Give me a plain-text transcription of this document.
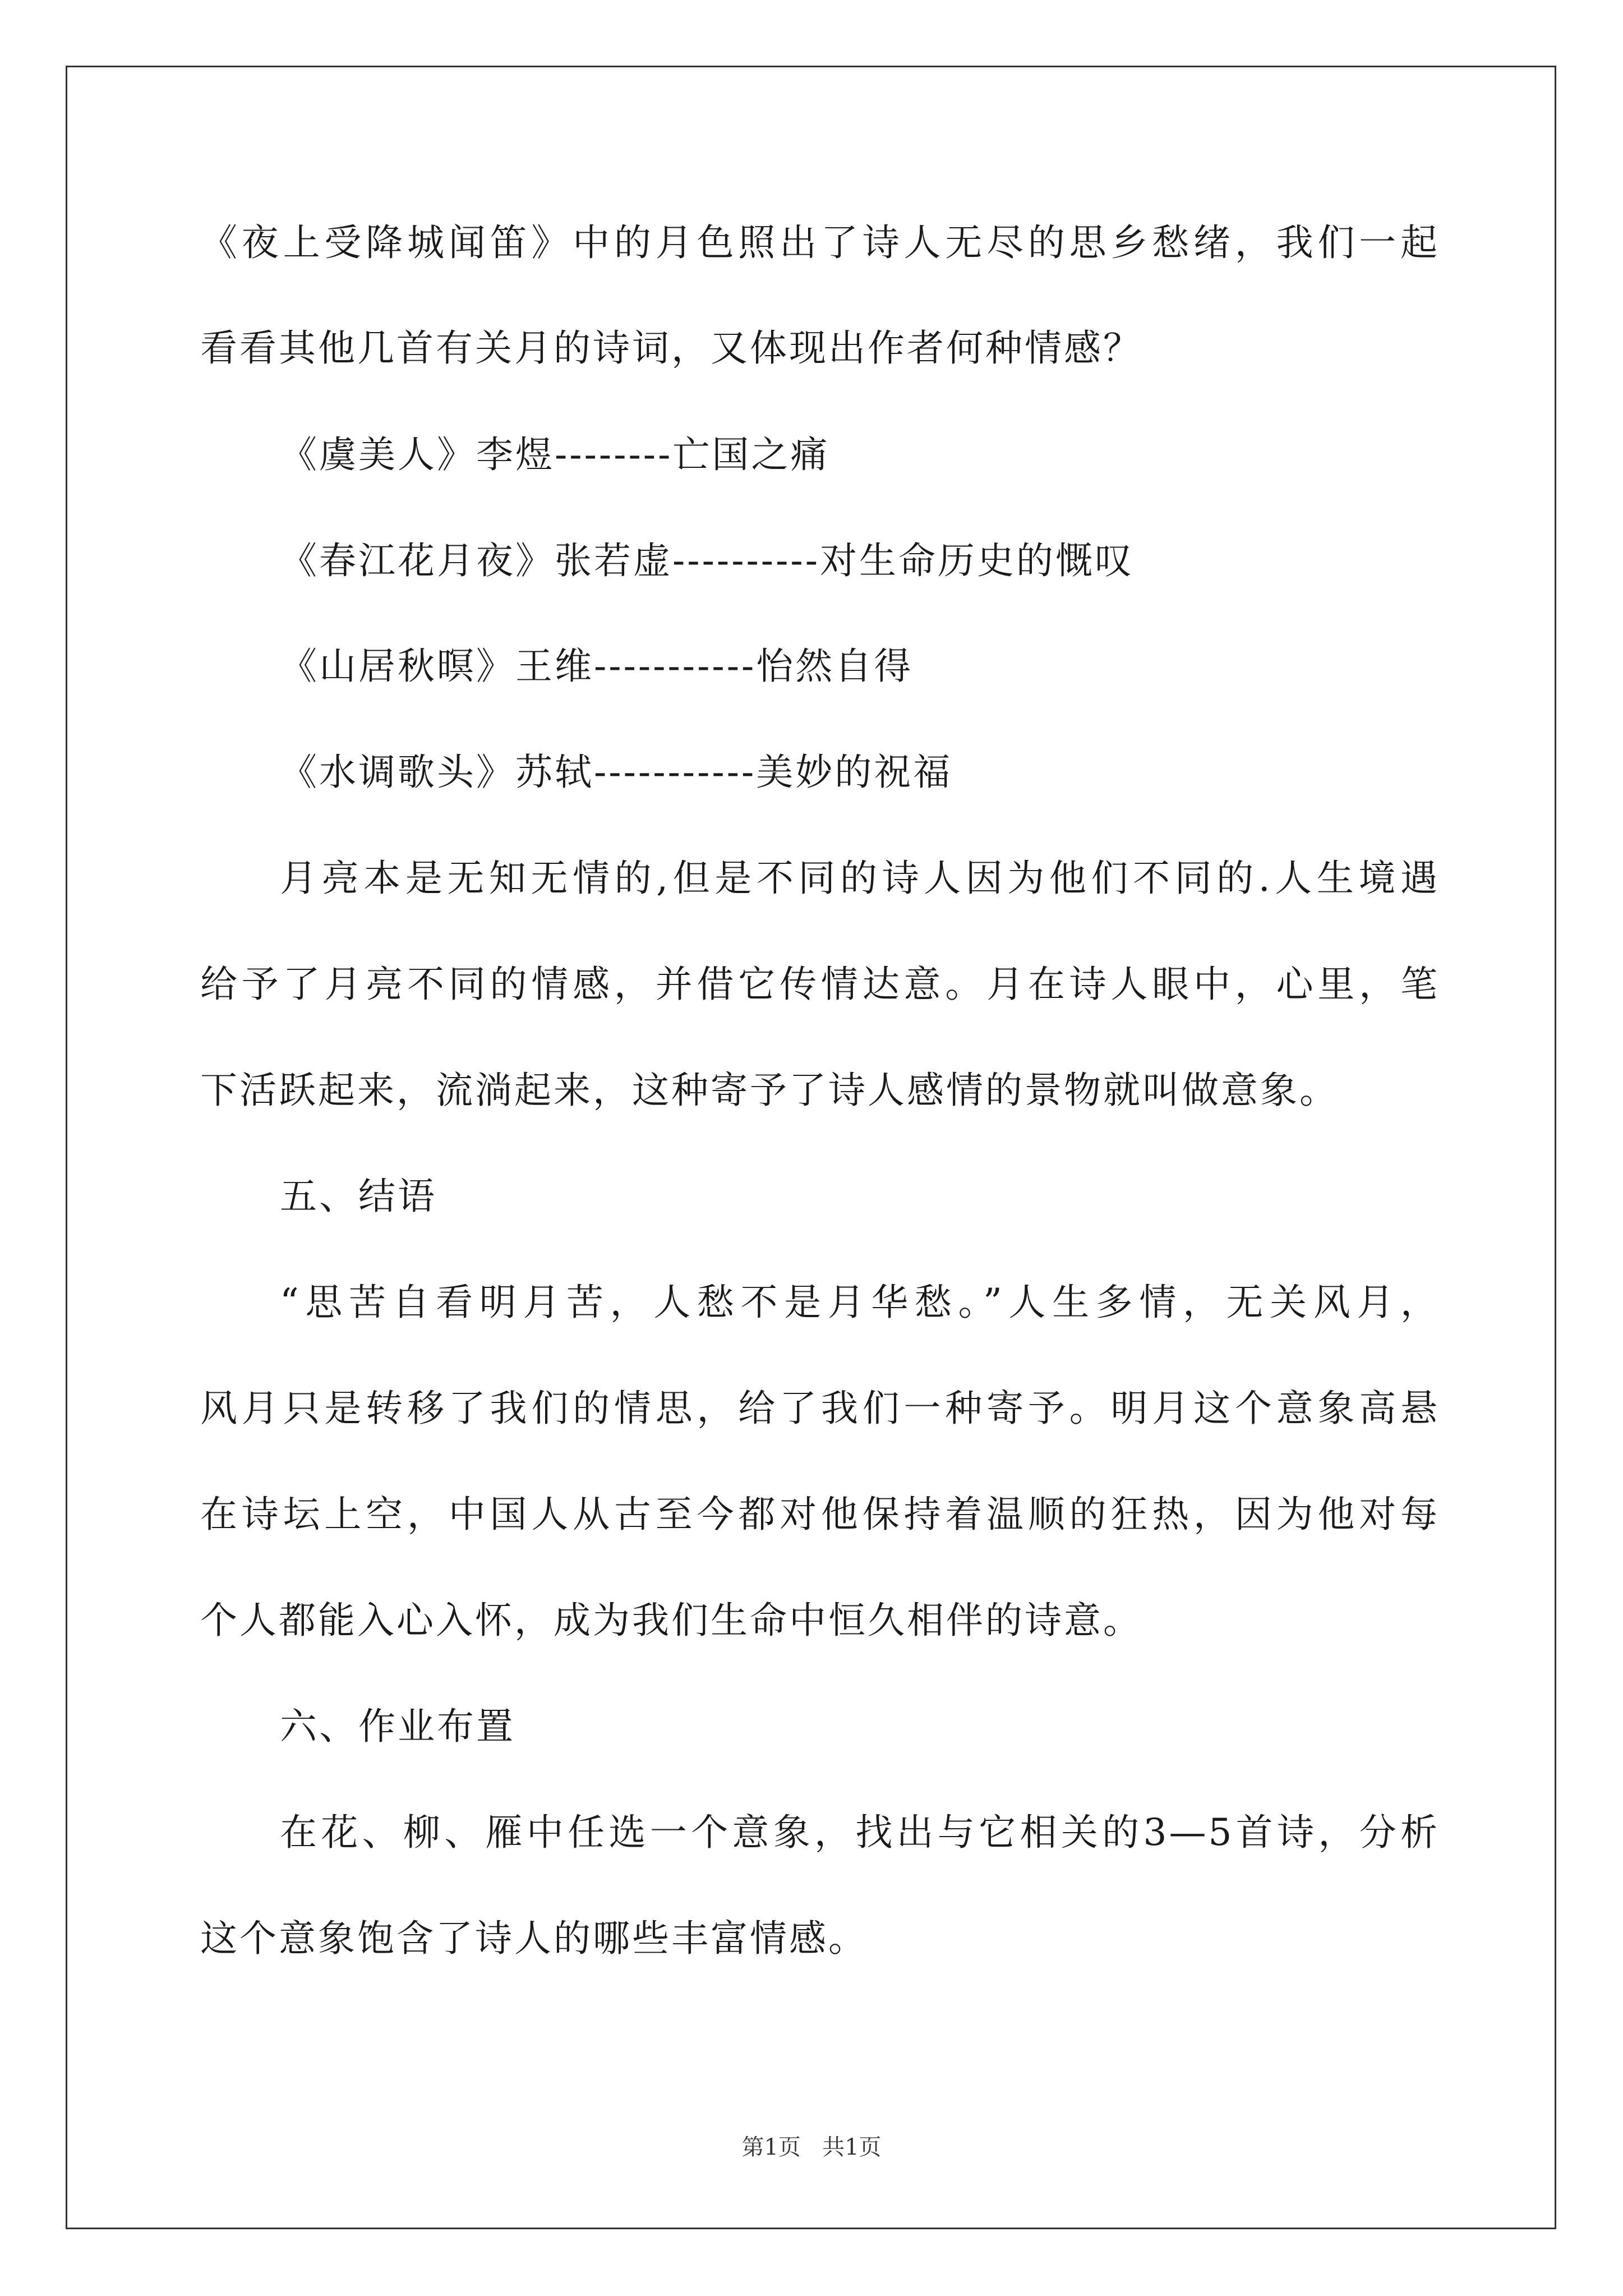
《夜上受降城闻笛》中的月色照出了诗人无尽的思乡愁绪，我们一起
看看其他几首有关月的诗词，又体现出作者何种情感？
《虞美人》李煜--------亡国之痛
《春江花月夜》张若虚----------对生命历史的慨叹
《山居秋暝》王维-----------怡然自得
《水调歌头》苏轼-----------美妙的祝福
月亮本是无知无情的,但是不同的诗人因为他们不同的.人生境遇
给予了月亮不同的情感，并借它传情达意。月在诗人眼中，心里，笔
下活跃起来，流淌起来，这种寄予了诗人感情的景物就叫做意象。
五、结语
“思苦自看明月苦，人愁不是月华愁。”人生多情，无关风月，
风月只是转移了我们的情思，给了我们一种寄予。明月这个意象高悬
在诗坛上空，中国人从古至今都对他保持着温顺的狂热，因为他对每
个人都能入心入怀，成为我们生命中恒久相伴的诗意。
六、作业布置
在花、柳、雁中任选一个意象，找出与它相关的3—5首诗，分析
这个意象饱含了诗人的哪些丰富情感。
第1页 共1页
